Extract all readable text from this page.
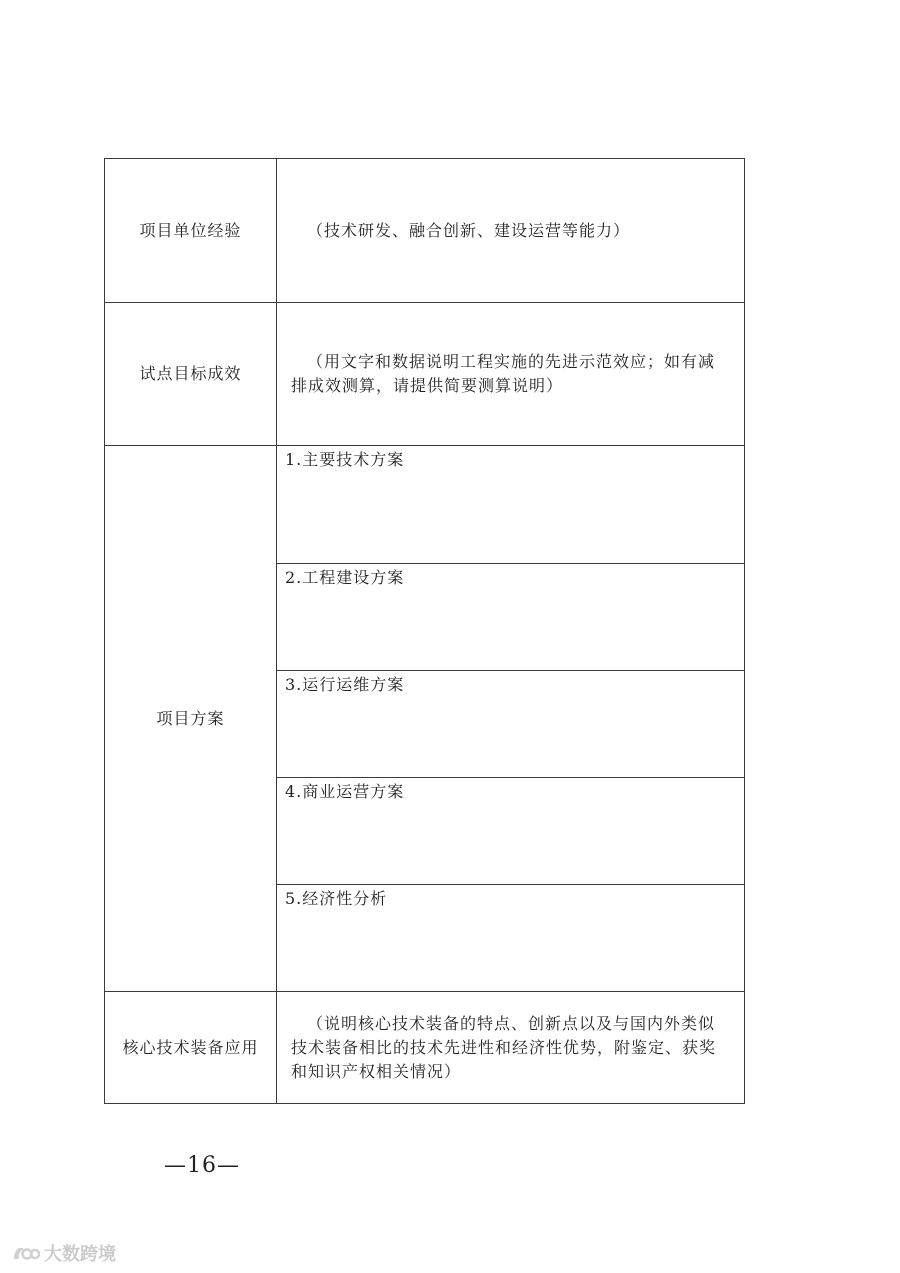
项目单位经验	（技术研发、融合创新、建设运营等能力）

试点目标成效	（用文字和数据说明工程实施的先进示范效应；如有减排成效测算，请提供简要测算说明）

项目方案	1.主要技术方案
	2.工程建设方案
	3.运行运维方案
	4.商业运营方案
	5.经济性分析
核心技术装备应用	（说明核心技术装备的特点、创新点以及与国内外类似技术装备相比的技术先进性和经济性优势，附鉴定、获奖和知识产权相关情况）
—16—
大数跨境
